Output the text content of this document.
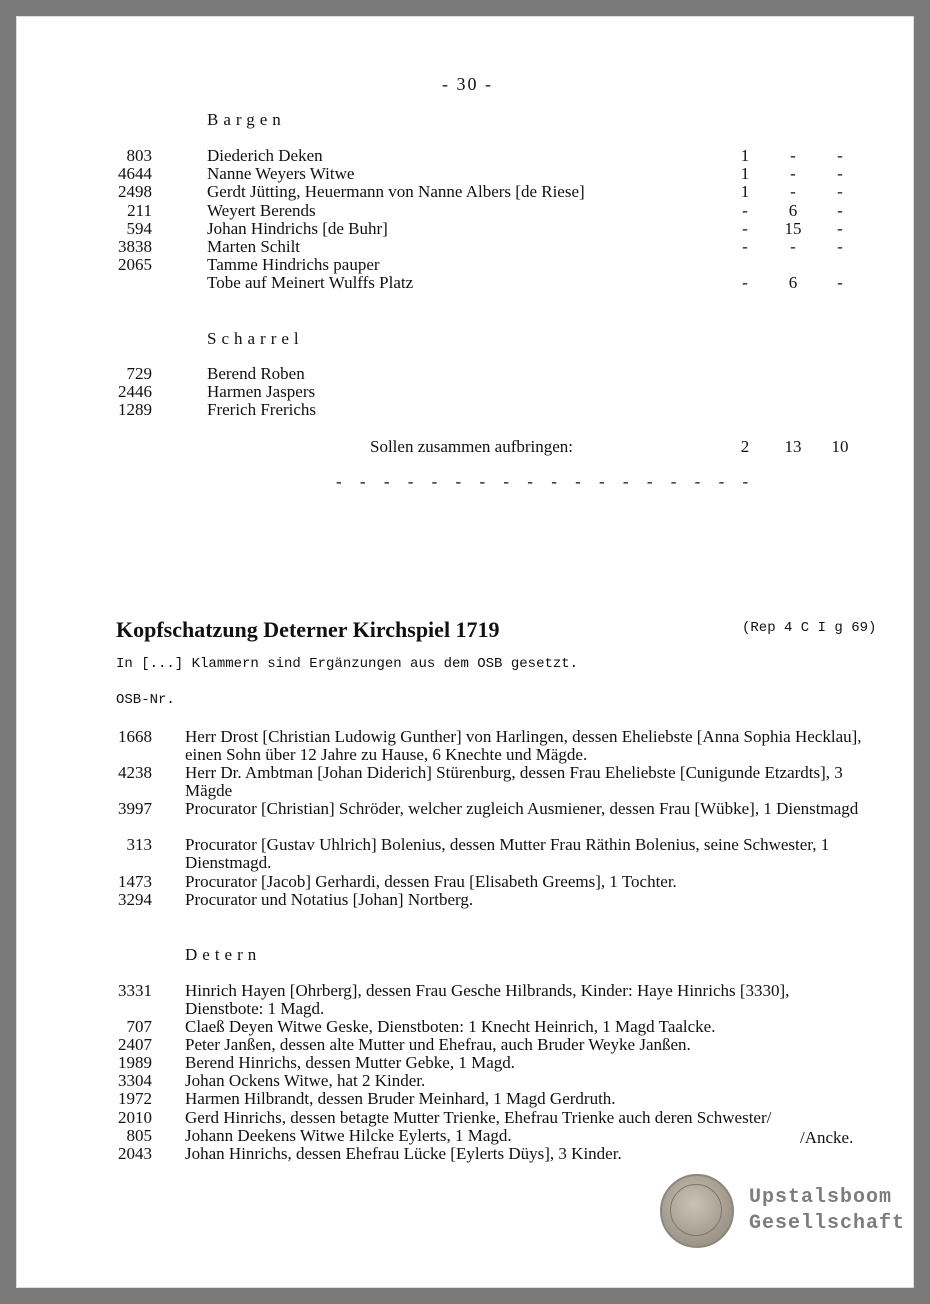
- 30 -
Bargen
803	Diederich Deken	1	-	-
4644	Nanne Weyers Witwe	1	-	-
2498	Gerdt Jütting, Heuermann von Nanne Albers [de Riese]	1	-	-
211	Weyert Berends	-	6	-
594	Johan Hindrichs [de Buhr]	-	15	-
3838	Marten Schilt	-	-	-
2065	Tamme Hindrichs pauper
Tobe auf Meinert Wulffs Platz	-	6	-
Scharrel
729	Berend Roben
2446	Harmen Jaspers
1289	Frerich Frerichs
Sollen zusammen aufbringen:	2	13	10
- - - - - - - - - - - - - - - - - -
Kopfschatzung Deterner Kirchspiel 1719	(Rep 4 C I g 69)
In [...] Klammern sind Ergänzungen aus dem OSB gesetzt.
OSB-Nr.
1668 Herr Drost [Christian Ludowig Gunther] von Harlingen, dessen Eheliebste [Anna Sophia Hecklau], einen Sohn über 12 Jahre zu Hause, 6 Knechte und Mägde.
4238 Herr Dr. Ambtman [Johan Diderich] Stürenburg, dessen Frau Eheliebste [Cunigunde Etzardts], 3 Mägde
3997 Procurator [Christian] Schröder, welcher zugleich Ausmiener, dessen Frau [Wübke], 1 Dienstmagd
313 Procurator [Gustav Uhlrich] Bolenius, dessen Mutter Frau Räthin Bolenius, seine Schwester, 1 Dienstmagd.
1473 Procurator [Jacob] Gerhardi, dessen Frau [Elisabeth Greems], 1 Tochter.
3294 Procurator und Notatius [Johan] Nortberg.
Detern
3331 Hinrich Hayen [Ohrberg], dessen Frau Gesche Hilbrands, Kinder: Haye Hinrichs [3330], Dienstbote: 1 Magd.
707 Claeß Deyen Witwe Geske, Dienstboten: 1 Knecht Heinrich, 1 Magd Taalcke.
2407 Peter Janßen, dessen alte Mutter und Ehefrau, auch Bruder Weyke Janßen.
1989 Berend Hinrichs, dessen Mutter Gebke, 1 Magd.
3304 Johan Ockens Witwe, hat 2 Kinder.
1972 Harmen Hilbrandt, dessen Bruder Meinhard, 1 Magd Gerdruth.
2010 Gerd Hinrichs, dessen betagte Mutter Trienke, Ehefrau Trienke auch deren Schwester/
805 Johann Deekens Witwe Hilcke Eylerts, 1 Magd.
2043 Johan Hinrichs, dessen Ehefrau Lücke [Eylerts Düys], 3 Kinder.
/Ancke.
Upstalsboom
Gesellschaft
